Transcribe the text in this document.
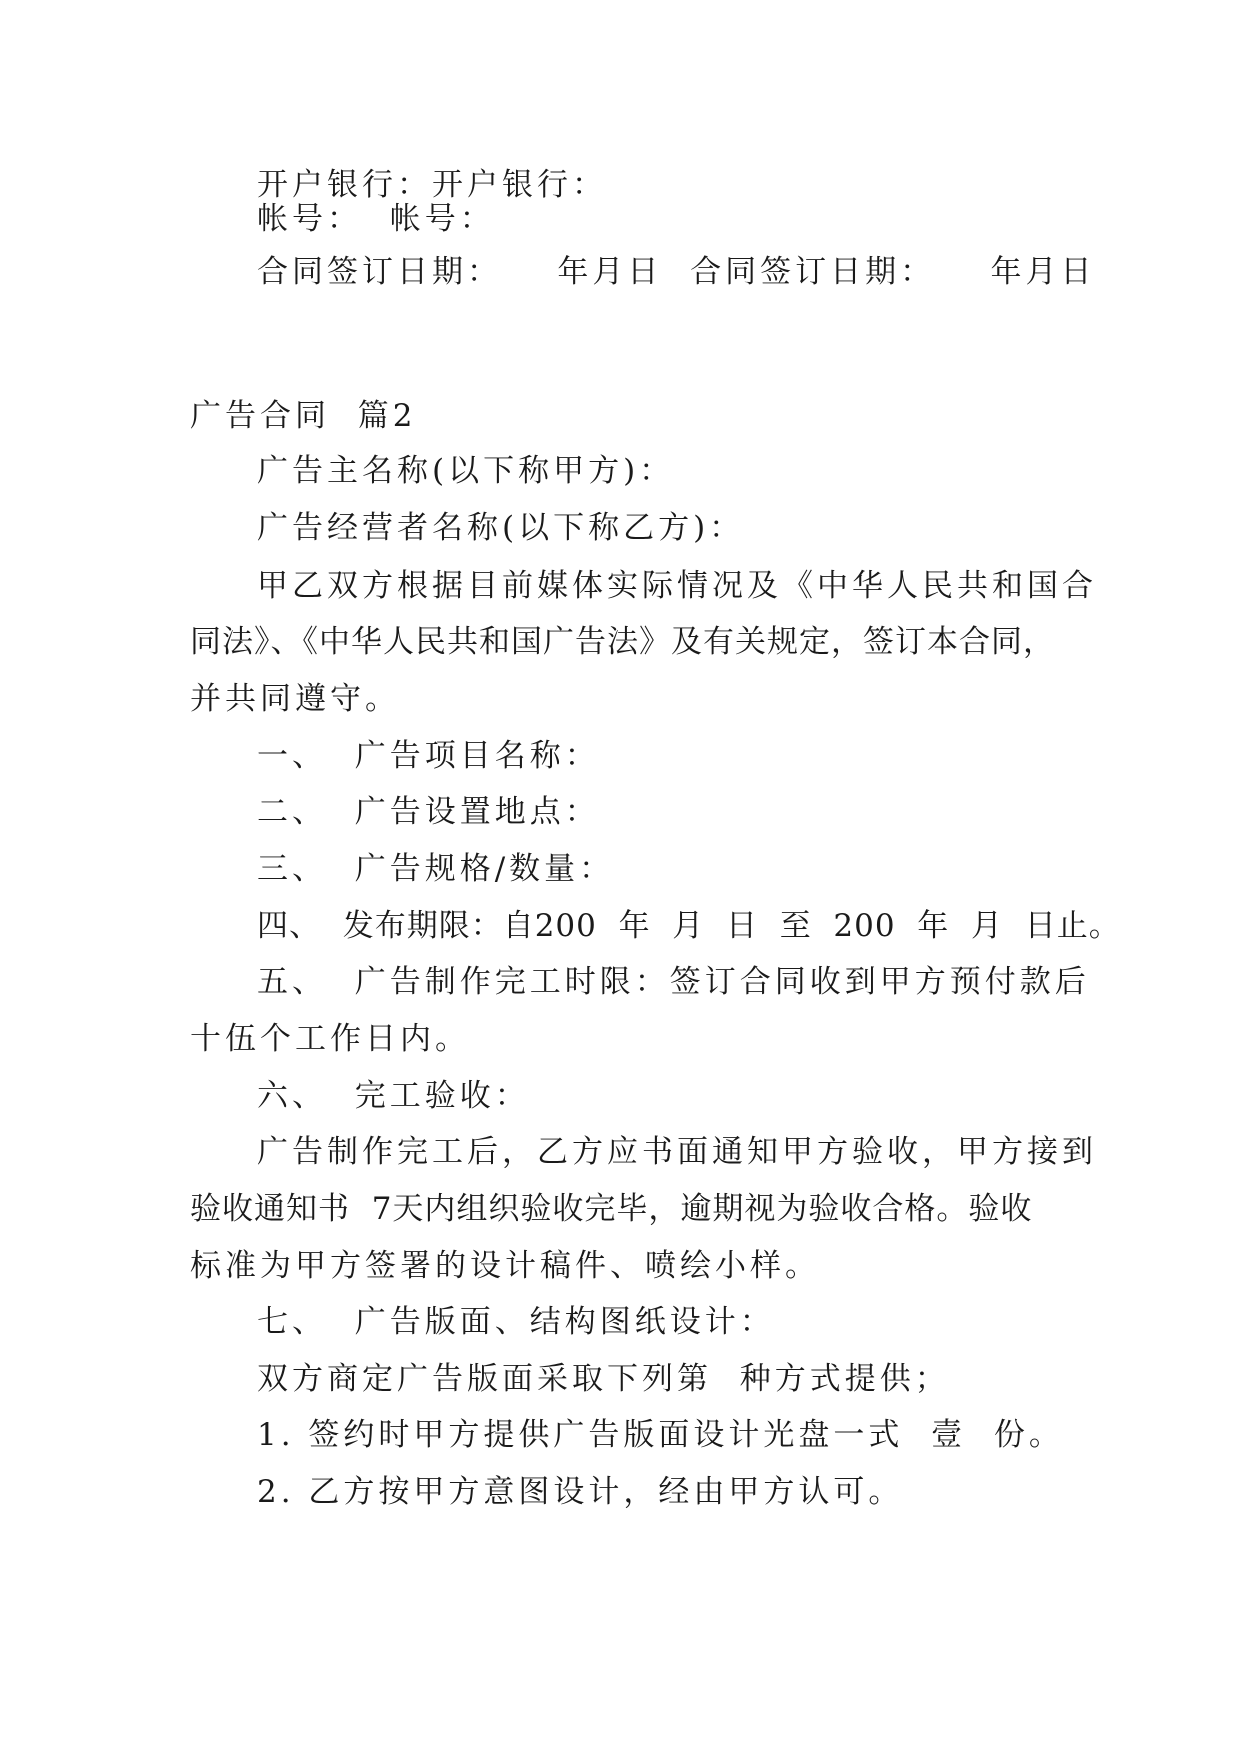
开户银行：开户银行：
帐号：  帐号：
合同签订日期：    年月日  合同签订日期：    年月日
广告合同  篇2
广告主名称(以下称甲方)：
广告经营者名称(以下称乙方)：
甲乙双方根据目前媒体实际情况及《中华人民共和国合
同法》、《中华人民共和国广告法》及有关规定，签订本合同，
并共同遵守。
一、  广告项目名称：
二、  广告设置地点：
三、  广告规格/数量：
四、  发布期限：自200  年  月  日  至  200  年  月  日止。
五、  广告制作完工时限：签订合同收到甲方预付款后
十伍个工作日内。
六、  完工验收：
广告制作完工后，乙方应书面通知甲方验收，甲方接到
验收通知书  7天内组织验收完毕，逾期视为验收合格。验收
标准为甲方签署的设计稿件、喷绘小样。
七、  广告版面、结构图纸设计：
双方商定广告版面采取下列第  种方式提供；
1. 签约时甲方提供广告版面设计光盘一式  壹  份。
2. 乙方按甲方意图设计，经由甲方认可。
